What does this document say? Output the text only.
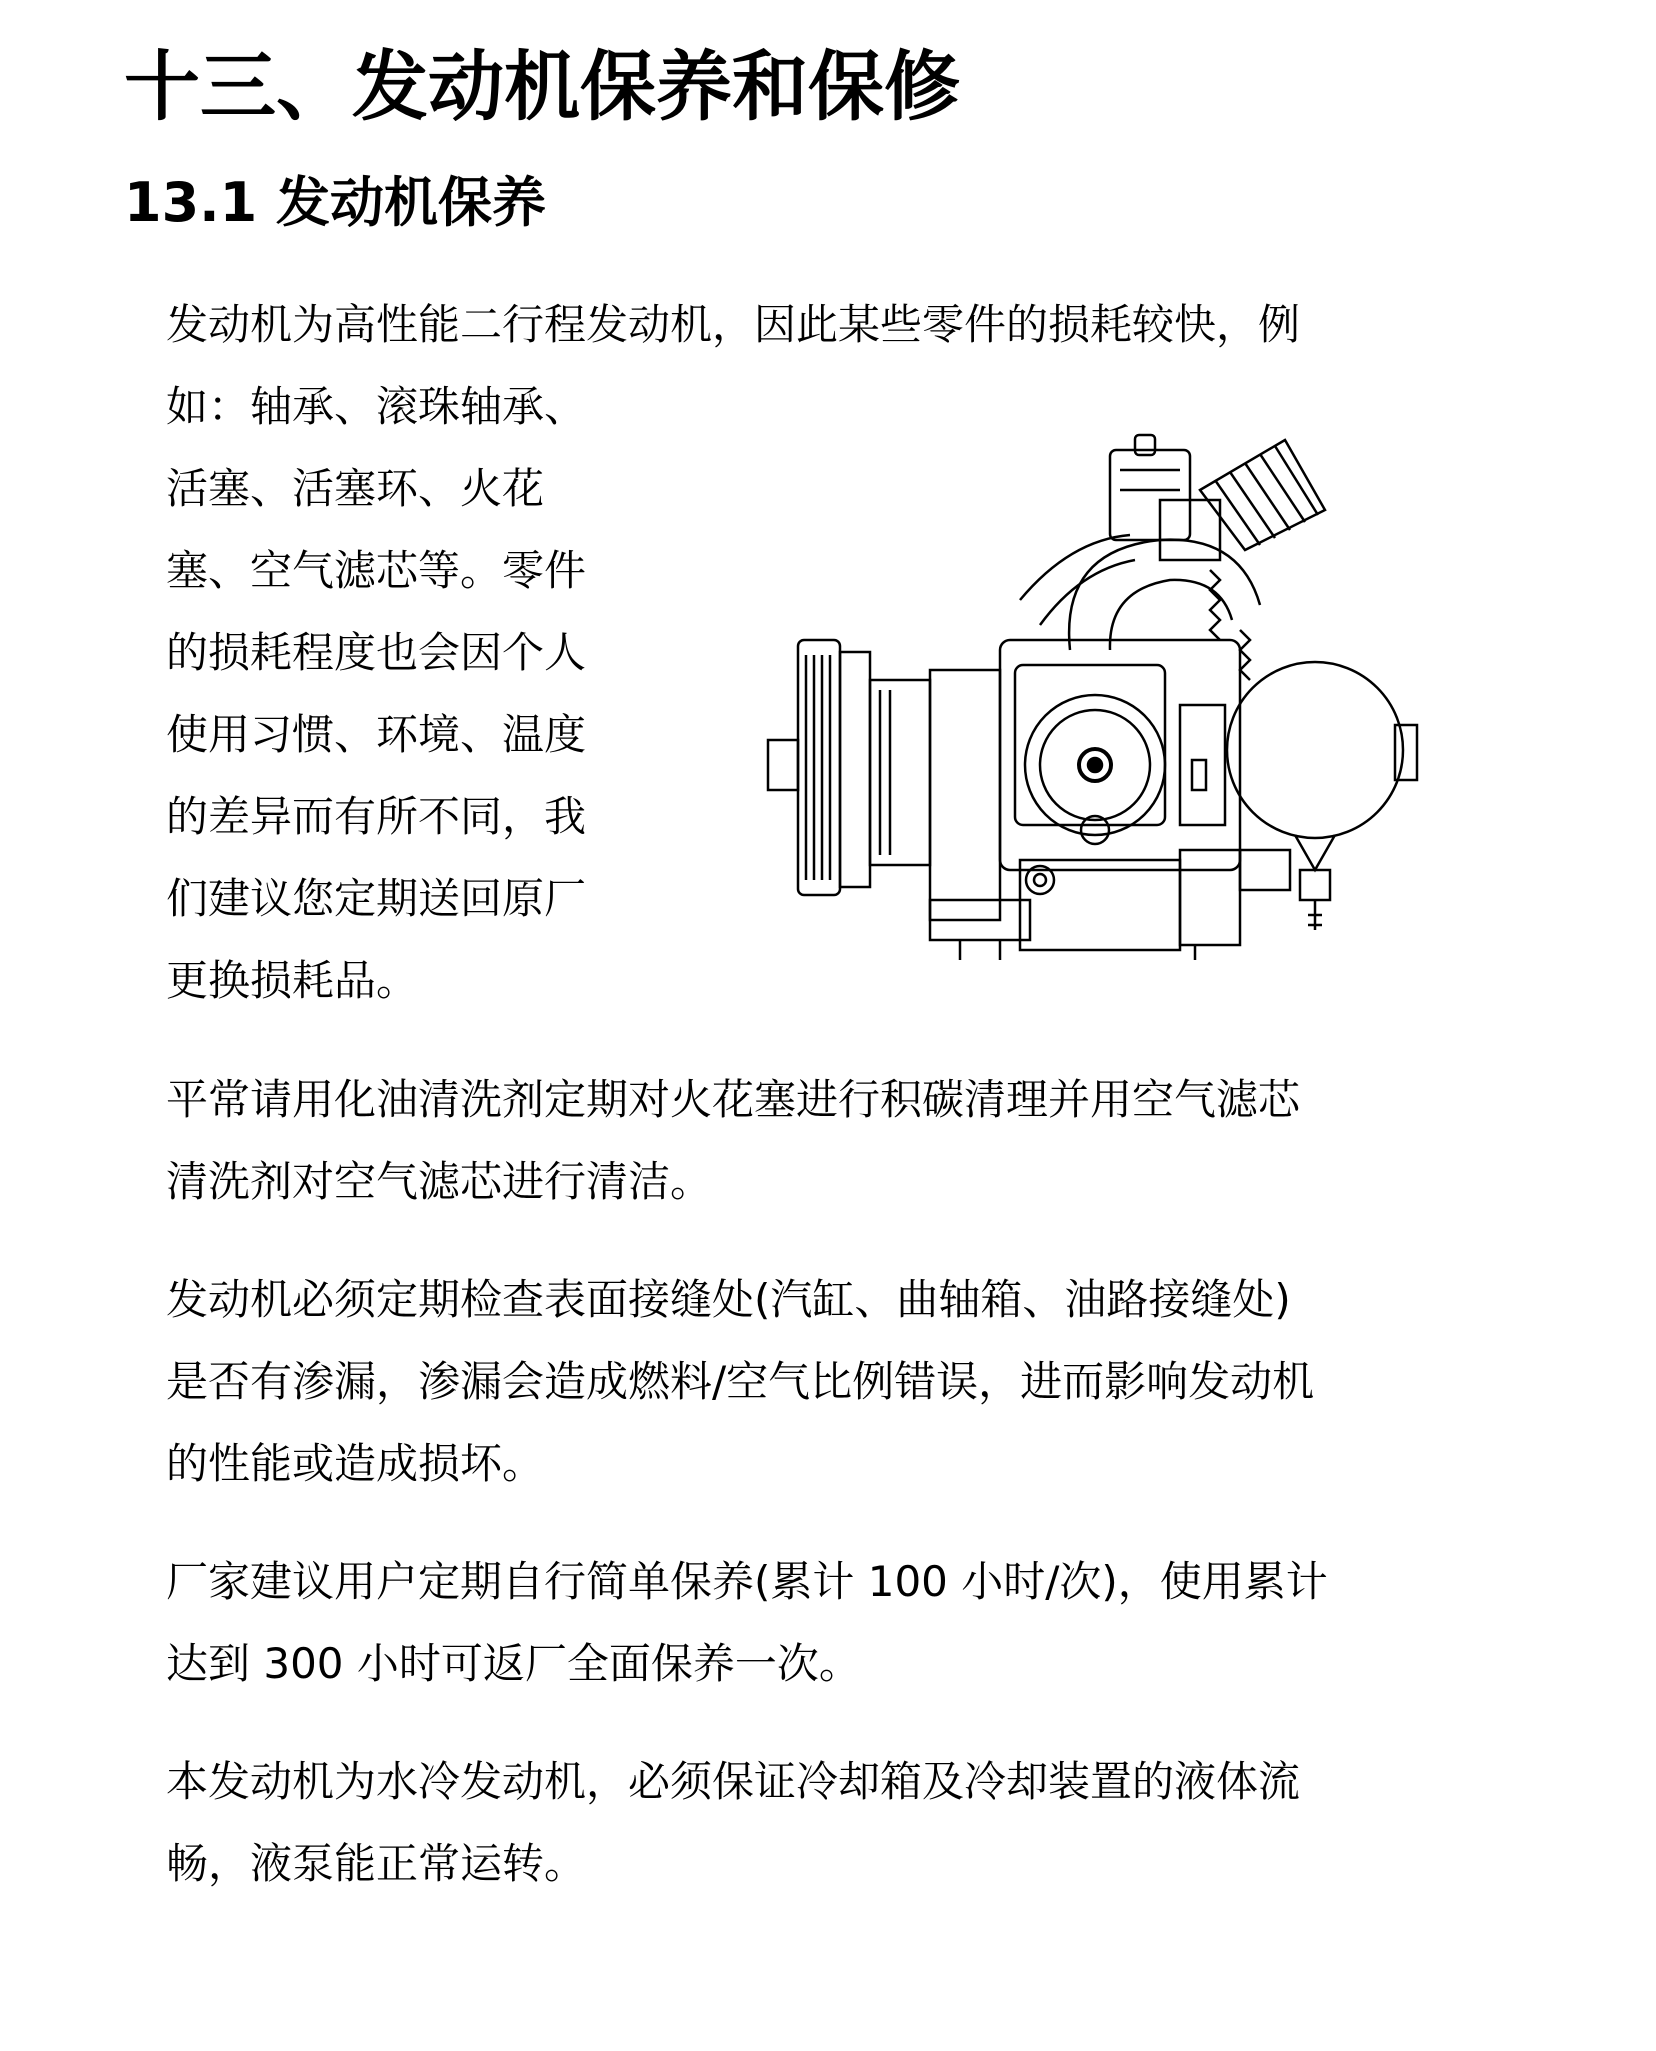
十三、发动机保养和保修
13.1 发动机保养
发动机为高性能二行程发动机，因此某些零件的损耗较快，例
如：轴承、滚珠轴承、
活塞、活塞环、火花
塞、空气滤芯等。零件
的损耗程度也会因个人
使用习惯、环境、温度
的差异而有所不同，我
们建议您定期送回原厂
更换损耗品。
平常请用化油清洗剂定期对火花塞进行积碳清理并用空气滤芯
清洗剂对空气滤芯进行清洁。
发动机必须定期检查表面接缝处(汽缸、曲轴箱、油路接缝处)
是否有渗漏，渗漏会造成燃料/空气比例错误，进而影响发动机
的性能或造成损坏。
厂家建议用户定期自行简单保养(累计 100 小时/次)，使用累计
达到 300 小时可返厂全面保养一次。
本发动机为水冷发动机，必须保证冷却箱及冷却装置的液体流
畅，液泵能正常运转。
